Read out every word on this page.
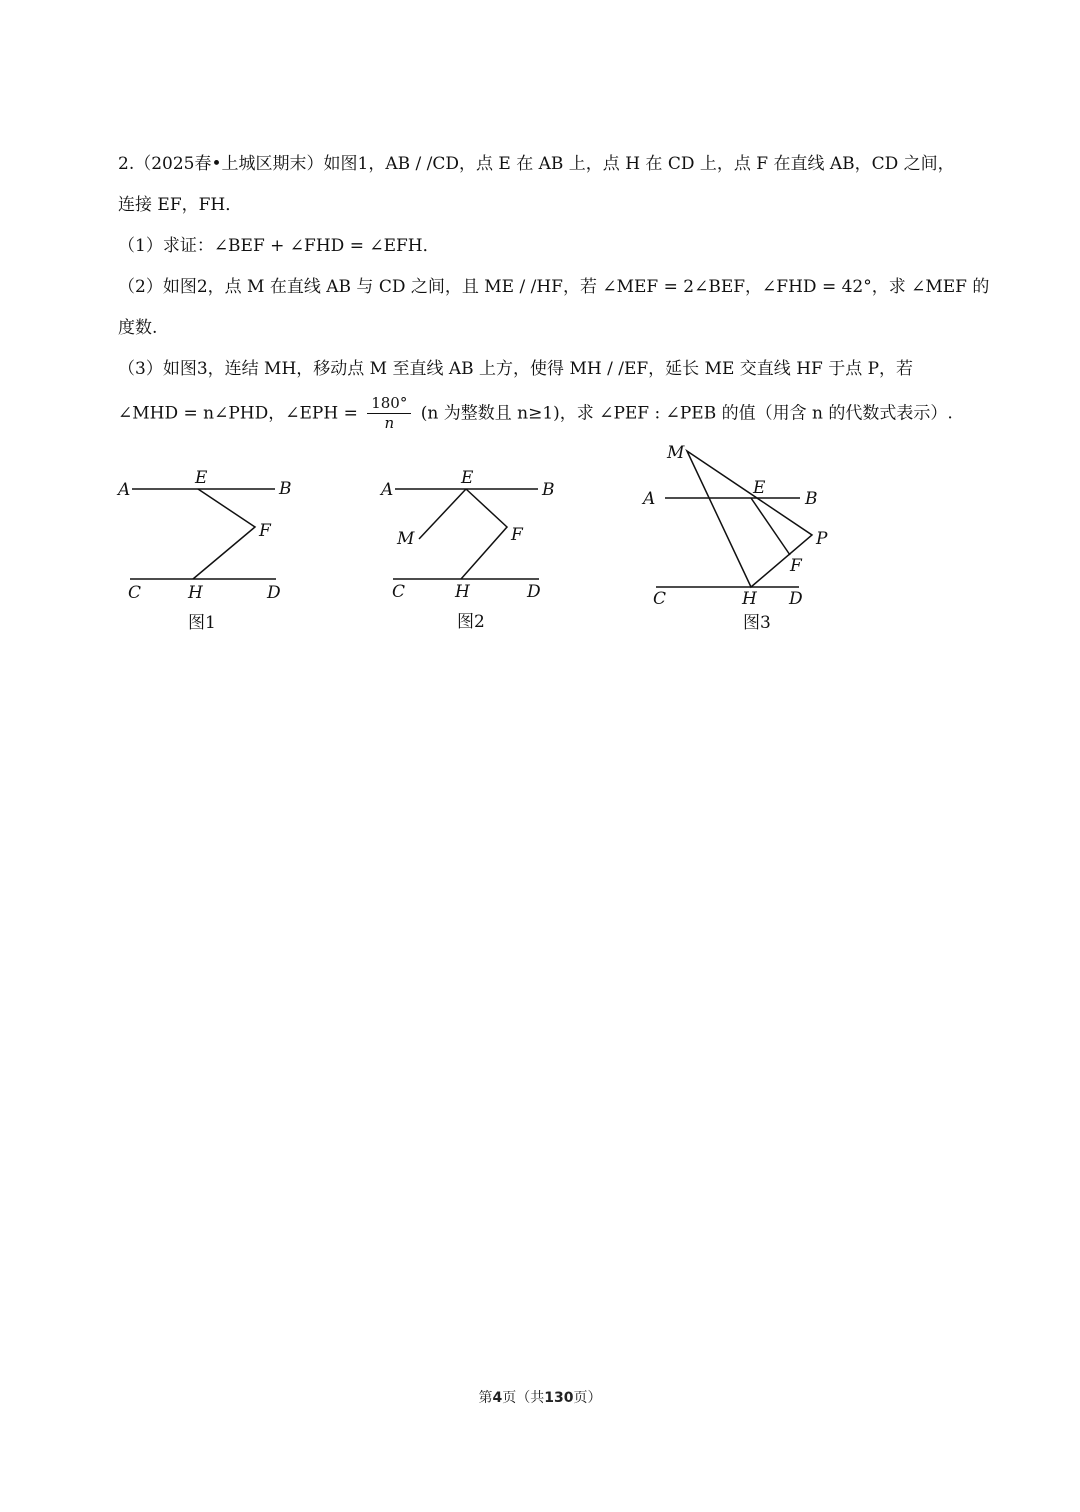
2.（2025春•上城区期末）如图1，AB / /CD，点 E 在 AB 上，点 H 在 CD 上，点 F 在直线 AB，CD 之间，
连接 EF，FH．
（1）求证：∠BEF + ∠FHD = ∠EFH．
（2）如图2，点 M 在直线 AB 与 CD 之间，且 ME / /HF，若 ∠MEF = 2∠BEF，∠FHD = 42°，求 ∠MEF 的
度数.
（3）如图3，连结 MH，移动点 M 至直线 AB 上方，使得 MH / /EF，延长 ME 交直线 HF 于点 P，若
∠MHD = n∠PHD，∠EPH = $\frac{180^\circ}{n} (n$ 为整数且 n≥1)，求 ∠PEF : ∠PEB 的值（用含 n 的代数式表示）.
A	B
E
F
C	H	D
图1
A	B
E
F
M
C	H	D
图2
M
A	B
E
P
F
C	H D
图3
第4页（共130页）
